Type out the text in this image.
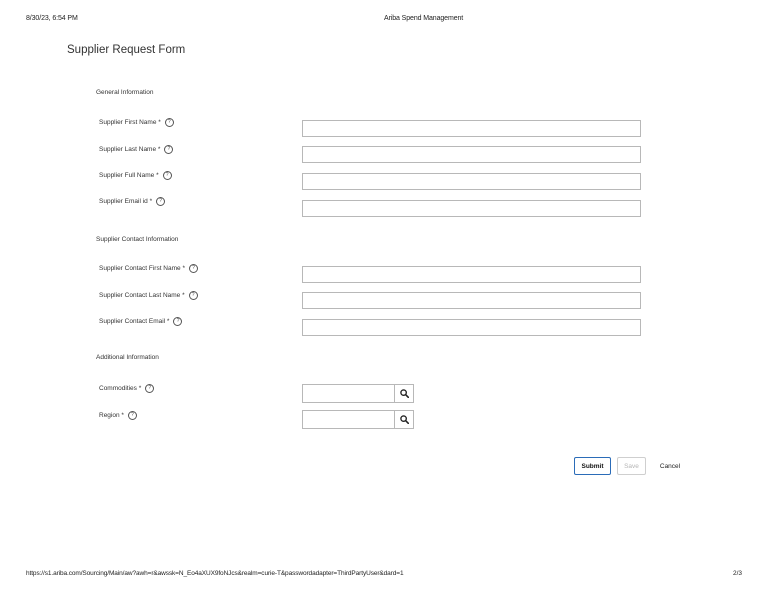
8/30/23, 6:54 PM	Ariba Spend Management
Supplier Request Form
General Information
Supplier First Name *	?
Supplier Last Name *	?
Supplier Full Name *	?
Supplier Email id *	?
Supplier Contact Information
Supplier Contact First Name *	?
Supplier Contact Last Name *	?
Supplier Contact Email *	?
Additional Information
Commodities *	?
Region *	?
Submit	Save	Cancel
https://s1.ariba.com/Sourcing/Main/aw?awh=r&awssk=N_Eo4aXUX9foNJcs&realm=curie-T&passwordadapter=ThirdPartyUser&dard=1	2/3
